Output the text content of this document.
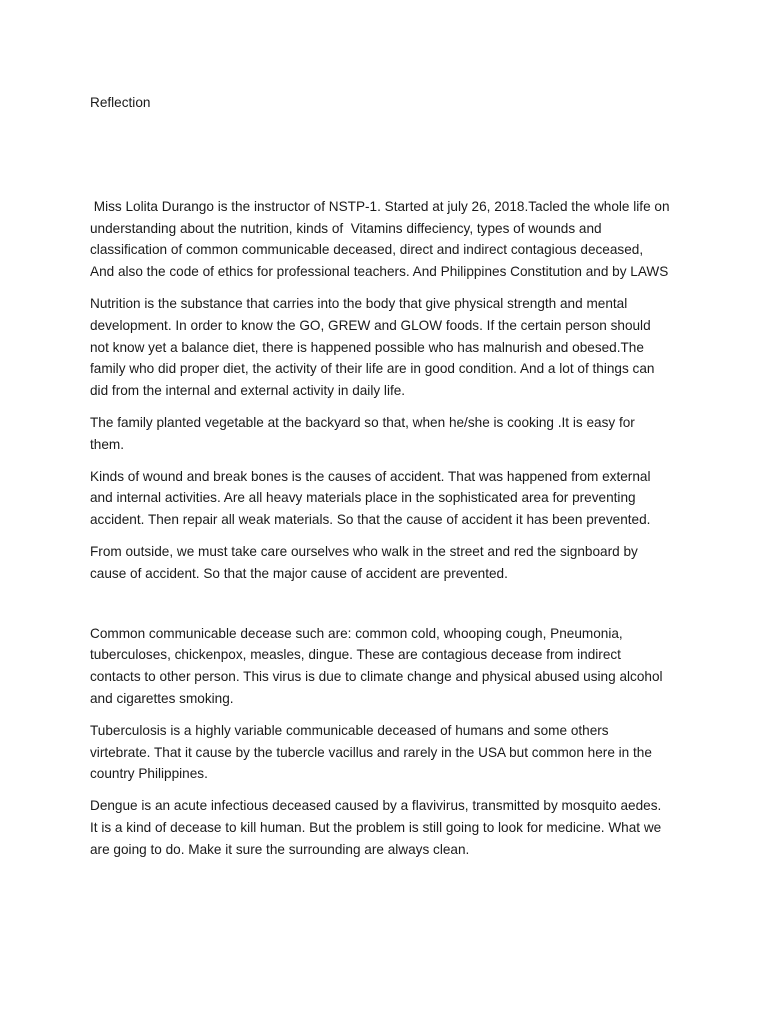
Reflection

Miss Lolita Durango is the instructor of NSTP-1. Started at july 26, 2018.Tacled the whole life on
understanding about the nutrition, kinds of  Vitamins diffeciency, types of wounds and
classification of common communicable deceased, direct and indirect contagious deceased,
And also the code of ethics for professional teachers. And Philippines Constitution and by LAWS

Nutrition is the substance that carries into the body that give physical strength and mental
development. In order to know the GO, GREW and GLOW foods. If the certain person should
not know yet a balance diet, there is happened possible who has malnurish and obesed.The
family who did proper diet, the activity of their life are in good condition. And a lot of things can
did from the internal and external activity in daily life.

The family planted vegetable at the backyard so that, when he/she is cooking .It is easy for
them.

Kinds of wound and break bones is the causes of accident. That was happened from external
and internal activities. Are all heavy materials place in the sophisticated area for preventing
accident. Then repair all weak materials. So that the cause of accident it has been prevented.

From outside, we must take care ourselves who walk in the street and red the signboard by
cause of accident. So that the major cause of accident are prevented.

Common communicable decease such are: common cold, whooping cough, Pneumonia,
tuberculoses, chickenpox, measles, dingue. These are contagious decease from indirect
contacts to other person. This virus is due to climate change and physical abused using alcohol
and cigarettes smoking.

Tuberculosis is a highly variable communicable deceased of humans and some others
virtebrate. That it cause by the tubercle vacillus and rarely in the USA but common here in the
country Philippines.

Dengue is an acute infectious deceased caused by a flavivirus, transmitted by mosquito aedes.
It is a kind of decease to kill human. But the problem is still going to look for medicine. What we
are going to do. Make it sure the surrounding are always clean.
